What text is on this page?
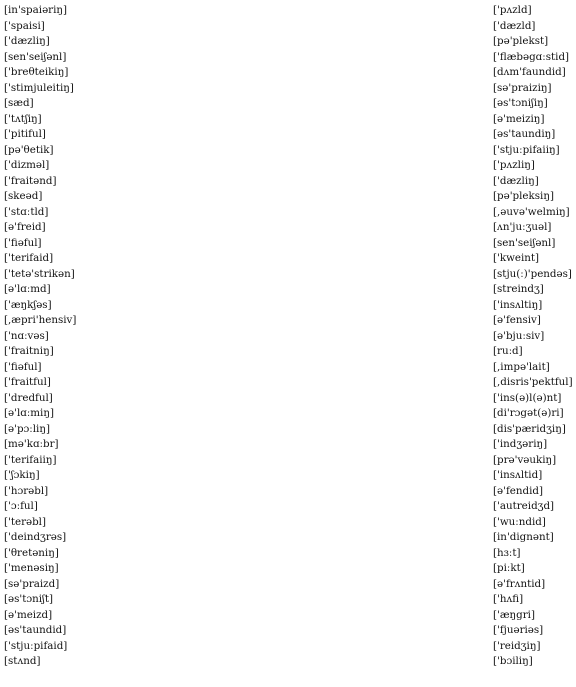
[in'spaiəriŋ]
['spaisi]
['dæzliŋ]
[sen'seiʃənl]
['breθteikiŋ]
['stimjuleitiŋ]
[sæd]
['tʌtʃiŋ]
['pitiful]
[pə'θetik]
['dizməl]
['fraitənd]
[skeəd]
['stɑːtld]
[ə'freid]
['fiəful]
['terifaid]
['tetə'strikən]
[ə'lɑːmd]
['æŋkʃəs]
[,æpri'hensiv]
['nɑːvəs]
['fraitniŋ]
['fiəful]
['fraitful]
['dredful]
[ə'lɑːmiŋ]
[ə'pɔːliŋ]
[mə'kɑːbr]
['terifaiiŋ]
['ʃɔkiŋ]
['hɔrəbl]
['ɔːful]
['terəbl]
['deindʒrəs]
['θretəniŋ]
['menəsiŋ]
[sə'praizd]
[əs'tɔniʃt]
[ə'meizd]
[əs'taundid]
['stjuːpifaid]
[stʌnd]
['pʌzld]
['dæzld]
[pə'plekst]
['flæbəgɑːstid]
[dʌm'faundid]
[sə'praiziŋ]
[əs'tɔniʃiŋ]
[ə'meiziŋ]
[əs'taundiŋ]
['stjuːpifaiiŋ]
['pʌzliŋ]
['dæzliŋ]
[pə'pleksiŋ]
[,əuvə'welmiŋ]
[ʌn'juːʒuəl]
[sen'seiʃənl]
['kweint]
[stju(ː)'pendəs]
[streindʒ]
['insʌltiŋ]
[ə'fensiv]
[ə'bjuːsiv]
[ruːd]
[,impə'lait]
[,disris'pektful]
['ins(ə)l(ə)nt]
[di'rɔgət(ə)ri]
[dis'pæridʒiŋ]
['indʒəriŋ]
[prə'vəukiŋ]
['insʌltid]
[ə'fendid]
['autreidʒd]
['wuːndid]
[in'dignənt]
[hɜːt]
[piːkt]
[ə'frʌntid]
['hʌfi]
['æŋgri]
['fjuəriəs]
['reidʒiŋ]
['bɔiliŋ]
